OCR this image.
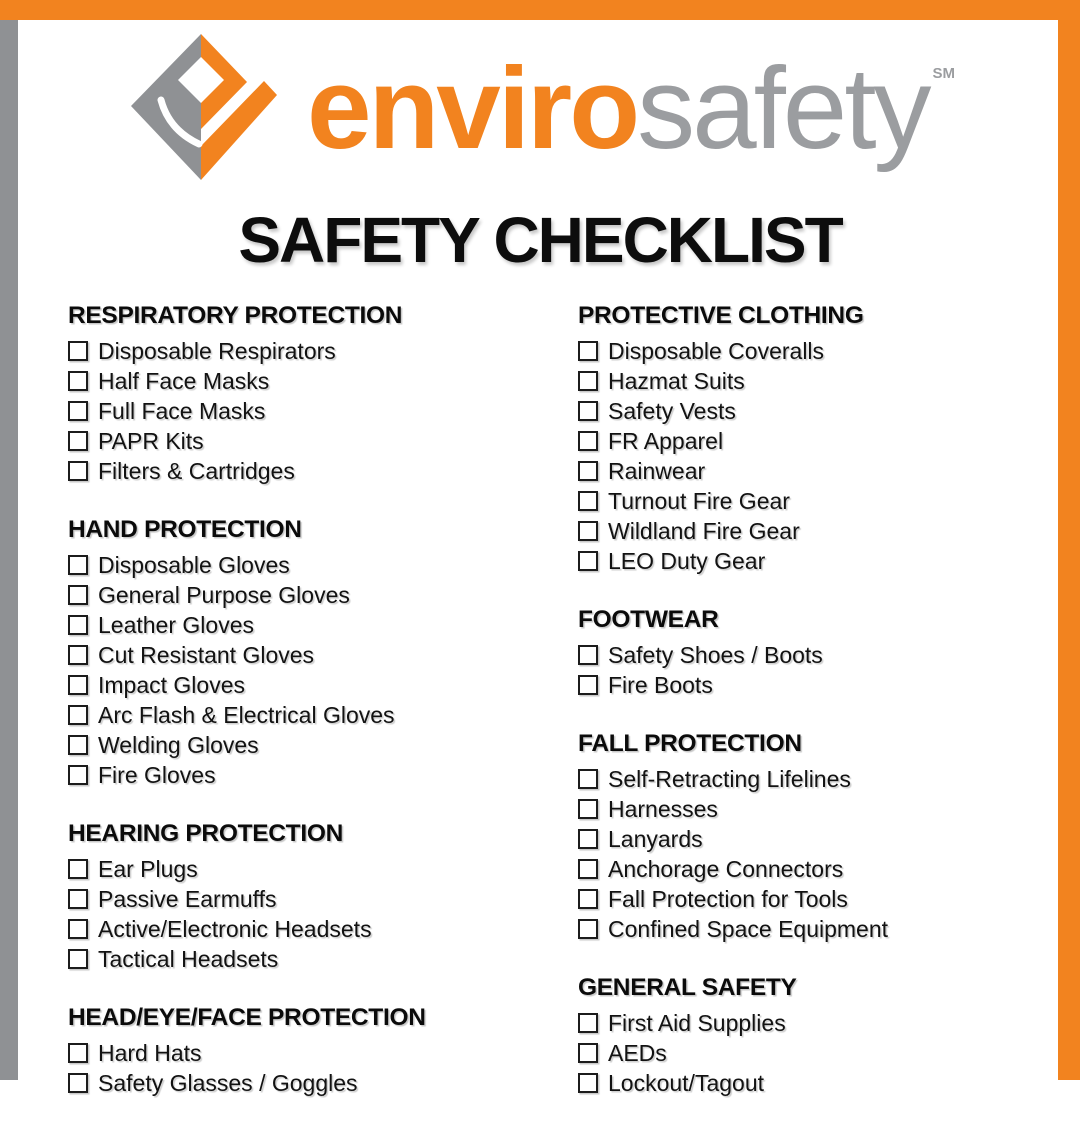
envirosafety SM
SAFETY CHECKLIST
RESPIRATORY PROTECTION
Disposable Respirators
Half Face Masks
Full Face Masks
PAPR Kits
Filters & Cartridges
HAND PROTECTION
Disposable Gloves
General Purpose Gloves
Leather Gloves
Cut Resistant Gloves
Impact Gloves
Arc Flash & Electrical Gloves
Welding Gloves
Fire Gloves
HEARING PROTECTION
Ear Plugs
Passive Earmuffs
Active/Electronic Headsets
Tactical Headsets
HEAD/EYE/FACE PROTECTION
Hard Hats
Safety Glasses / Goggles
PROTECTIVE CLOTHING
Disposable Coveralls
Hazmat Suits
Safety Vests
FR Apparel
Rainwear
Turnout Fire Gear
Wildland Fire Gear
LEO Duty Gear
FOOTWEAR
Safety Shoes / Boots
Fire Boots
FALL PROTECTION
Self-Retracting Lifelines
Harnesses
Lanyards
Anchorage Connectors
Fall Protection for Tools
Confined Space Equipment
GENERAL SAFETY
First Aid Supplies
AEDs
Lockout/Tagout
